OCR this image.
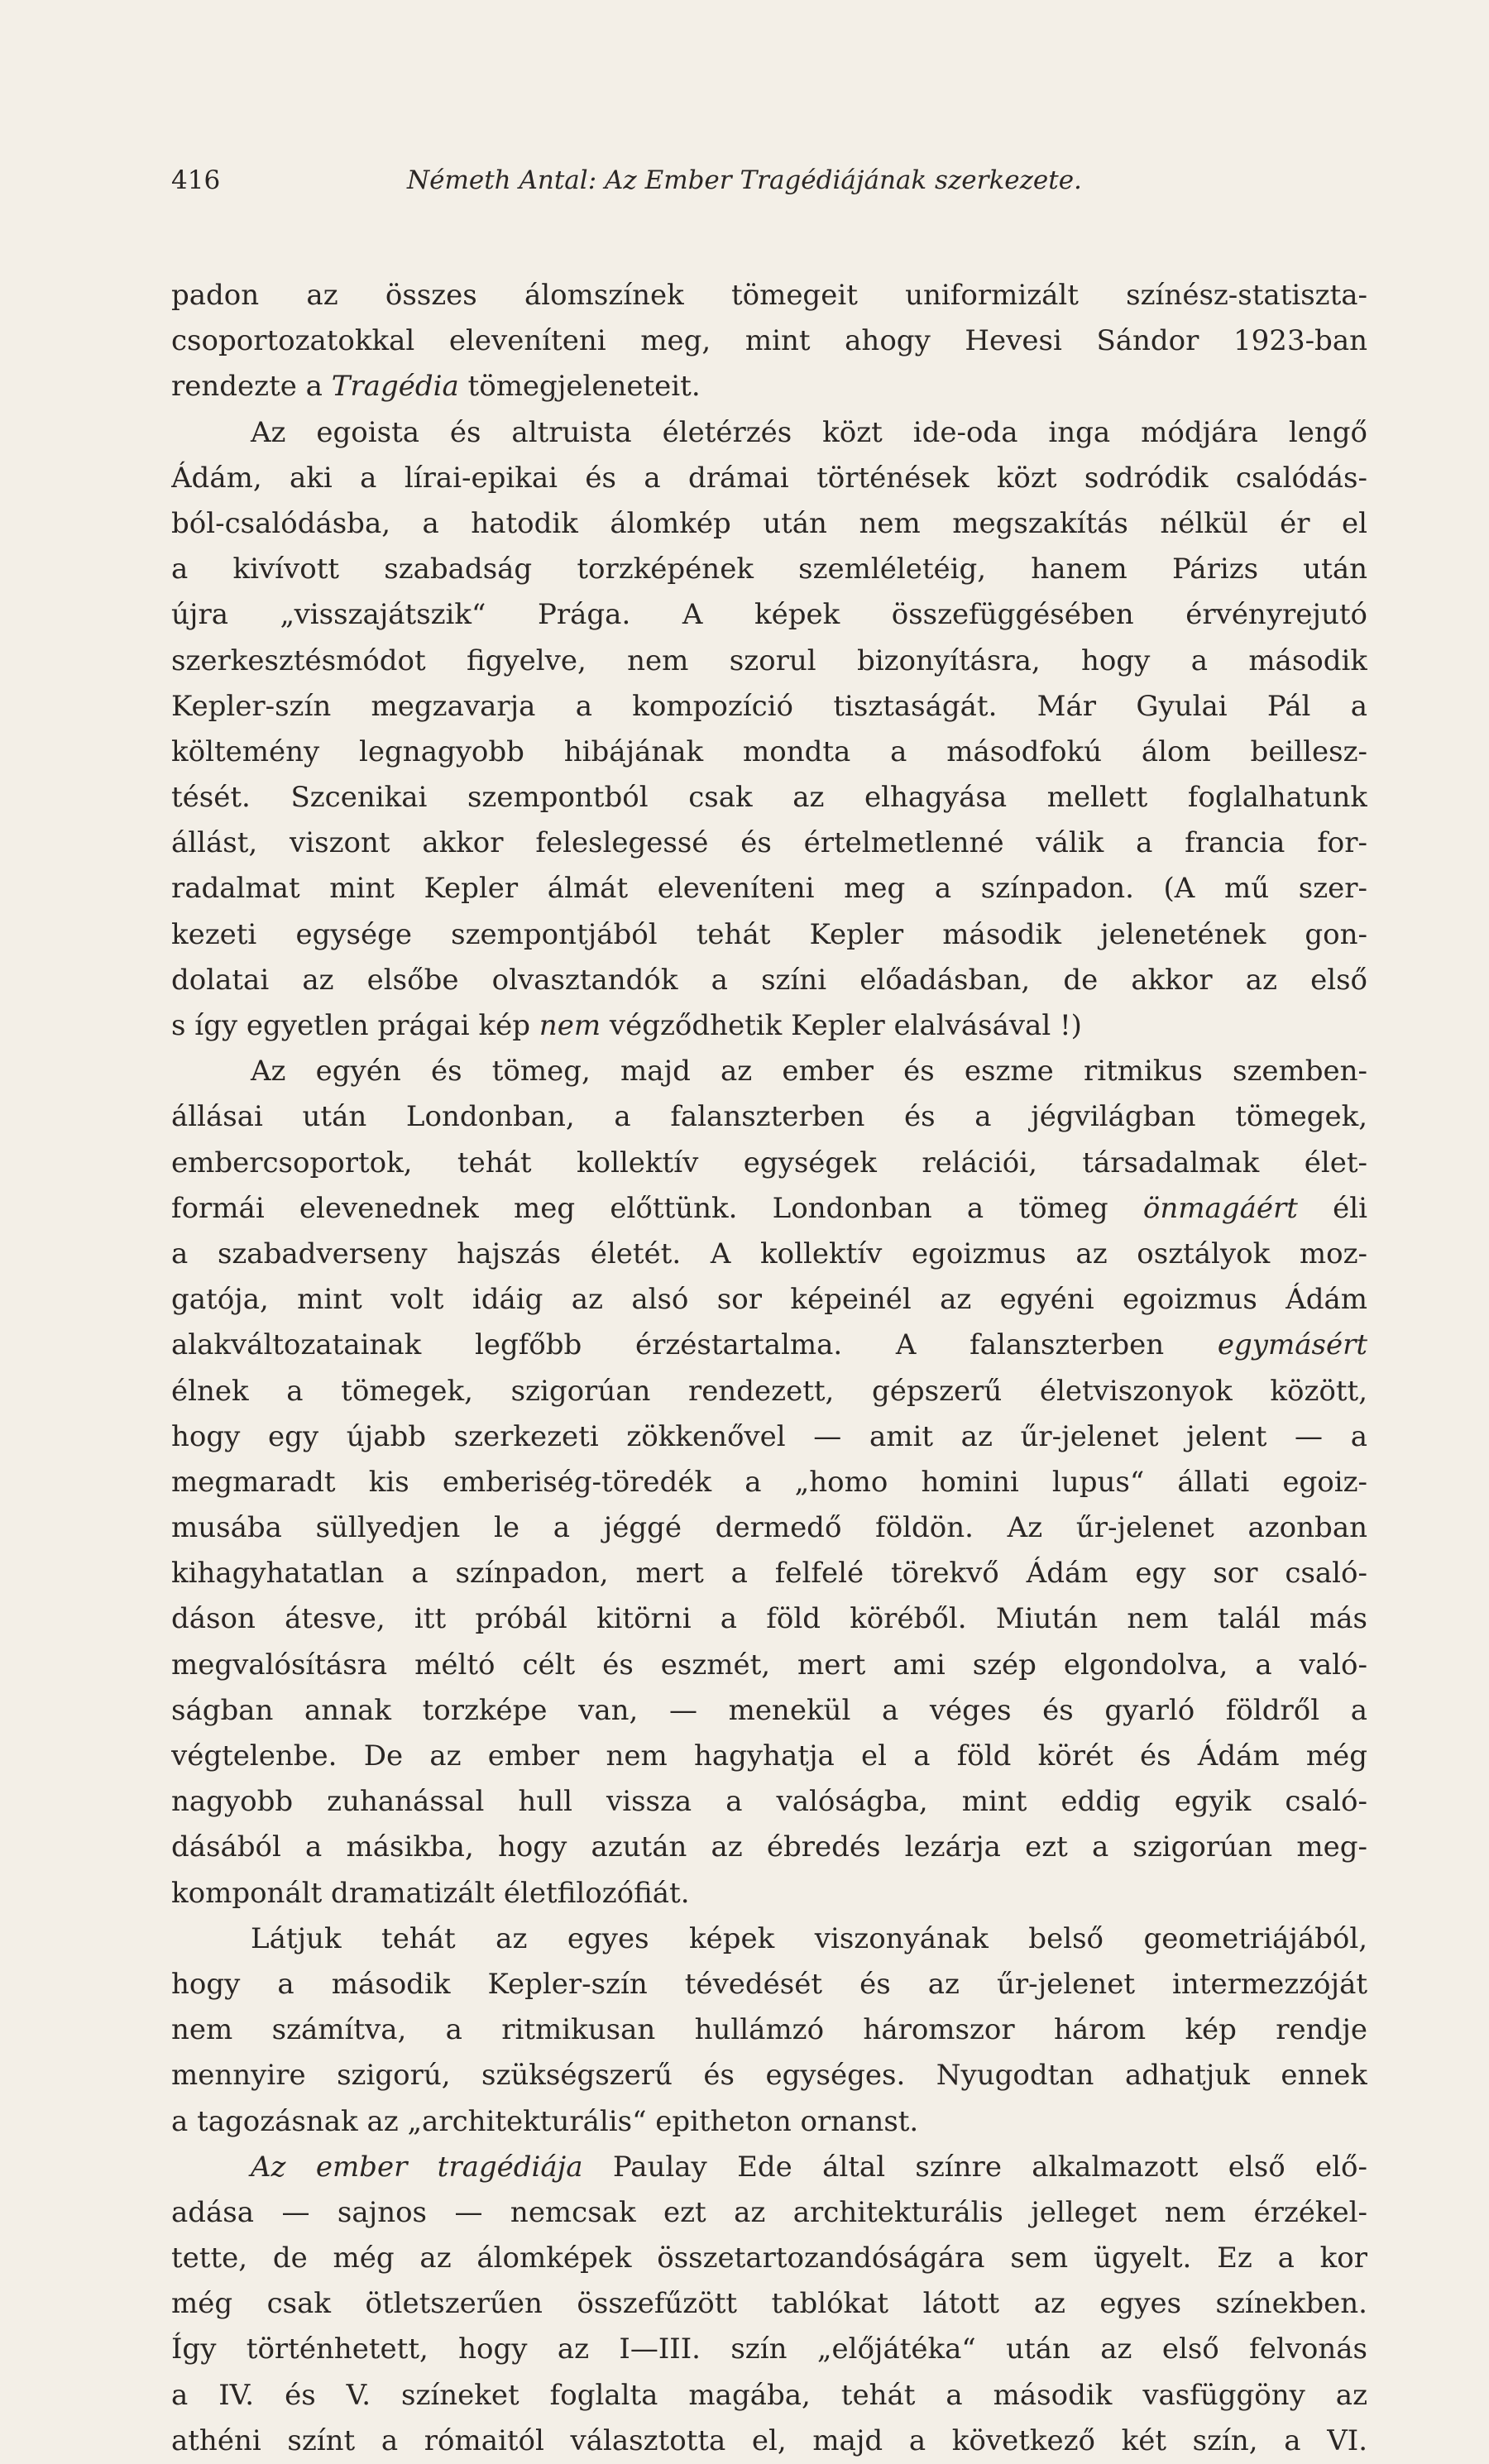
416	Németh Antal: Az Ember Tragédiájának szerkezete.
padon az összes álomszínek tömegeit uniformizált színész-statiszta-
csoportozatokkal eleveníteni meg, mint ahogy Hevesi Sándor 1923-ban
rendezte a Tragédia tömegjeleneteit.
Az egoista és altruista életérzés közt ide-oda inga módjára lengő
Ádám, aki a lírai-epikai és a drámai történések közt sodródik csalódás-
ból-csalódásba, a hatodik álomkép után nem megszakítás nélkül ér el
a kivívott szabadság torzképének szemléletéig, hanem Párizs után
újra „visszajátszik“ Prága. A képek összefüggésében érvényrejutó
szerkesztésmódot figyelve, nem szorul bizonyításra, hogy a második
Kepler-szín megzavarja a kompozíció tisztaságát. Már Gyulai Pál a
költemény legnagyobb hibájának mondta a másodfokú álom beillesz-
tését. Szcenikai szempontból csak az elhagyása mellett foglalhatunk
állást, viszont akkor feleslegessé és értelmetlenné válik a francia for-
radalmat mint Kepler álmát eleveníteni meg a színpadon. (A mű szer-
kezeti egysége szempontjából tehát Kepler második jelenetének gon-
dolatai az elsőbe olvasztandók a színi előadásban, de akkor az első
s így egyetlen prágai kép nem végződhetik Kepler elalvásával !)
Az egyén és tömeg, majd az ember és eszme ritmikus szemben-
állásai után Londonban, a falanszterben és a jégvilágban tömegek,
embercsoportok, tehát kollektív egységek relációi, társadalmak élet-
formái elevenednek meg előttünk. Londonban a tömeg önmagáért éli
a szabadverseny hajszás életét. A kollektív egoizmus az osztályok moz-
gatója, mint volt idáig az alsó sor képeinél az egyéni egoizmus Ádám
alakváltozatainak legfőbb érzéstartalma. A falanszterben egymásért
élnek a tömegek, szigorúan rendezett, gépszerű életviszonyok között,
hogy egy újabb szerkezeti zökkenővel — amit az űr-jelenet jelent — a
megmaradt kis emberiség-töredék a „homo homini lupus“ állati egoiz-
musába süllyedjen le a jéggé dermedő földön. Az űr-jelenet azonban
kihagyhatatlan a színpadon, mert a felfelé törekvő Ádám egy sor csaló-
dáson átesve, itt próbál kitörni a föld köréből. Miután nem talál más
megvalósításra méltó célt és eszmét, mert ami szép elgondolva, a való-
ságban annak torzképe van, — menekül a véges és gyarló földről a
végtelenbe. De az ember nem hagyhatja el a föld körét és Ádám még
nagyobb zuhanással hull vissza a valóságba, mint eddig egyik csaló-
dásából a másikba, hogy azután az ébredés lezárja ezt a szigorúan meg-
komponált dramatizált életfilozófiát.
Látjuk tehát az egyes képek viszonyának belső geometriájából,
hogy a második Kepler-szín tévedését és az űr-jelenet intermezzóját
nem számítva, a ritmikusan hullámzó háromszor három kép rendje
mennyire szigorú, szükségszerű és egységes. Nyugodtan adhatjuk ennek
a tagozásnak az „architekturális“ epitheton ornanst.
Az ember tragédiája Paulay Ede által színre alkalmazott első elő-
adása — sajnos — nemcsak ezt az architekturális jelleget nem érzékel-
tette, de még az álomképek összetartozandóságára sem ügyelt. Ez a kor
még csak ötletszerűen összefűzött tablókat látott az egyes színekben.
Így történhetett, hogy az I—III. szín „előjátéka“ után az első felvonás
a IV. és V. színeket foglalta magába, tehát a második vasfüggöny az
athéni színt a rómaitól választotta el, majd a következő két szín, a VI.
